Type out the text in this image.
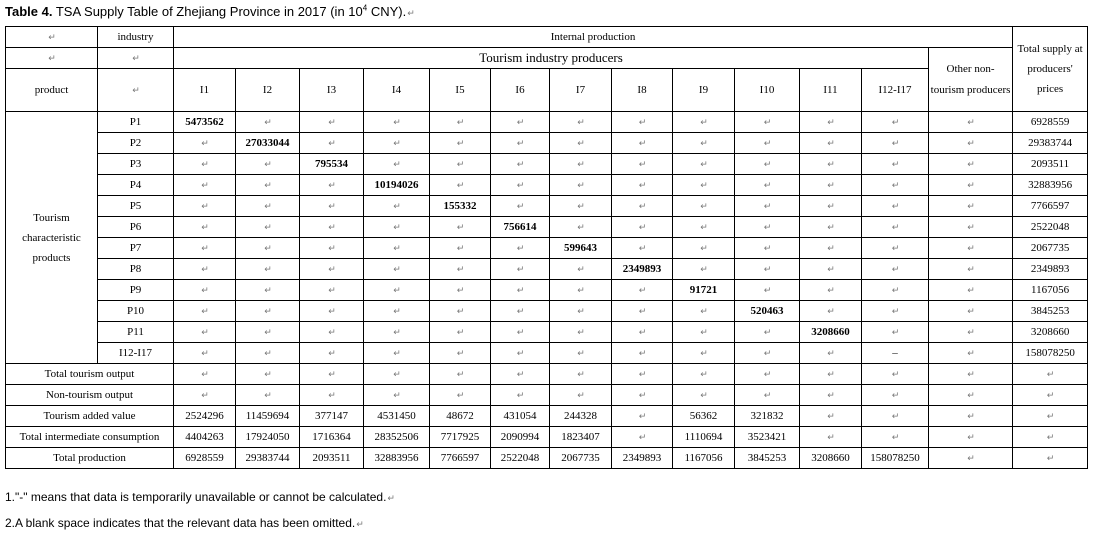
Table 4. TSA Supply Table of Zhejiang Province in 2017 (in $10^4$ CNY).↵
↵	industry	Internal production													Total supply at producers' prices
↵	↵	Tourism industry producers												Other non-tourism producers	
product	↵	I1	I2	I3	I4	I5	I6	I7	I8	I9	I10	I11	I12-I17		
Tourism characteristic products	P1	5473562	↵	↵	↵	↵	↵	↵	↵	↵	↵	↵	↵	↵	6928559
	P2	↵	27033044	↵	↵	↵	↵	↵	↵	↵	↵	↵	↵	↵	29383744
	P3	↵	↵	795534	↵	↵	↵	↵	↵	↵	↵	↵	↵	↵	2093511
	P4	↵	↵	↵	10194026	↵	↵	↵	↵	↵	↵	↵	↵	↵	32883956
	P5	↵	↵	↵	↵	155332	↵	↵	↵	↵	↵	↵	↵	↵	7766597
	P6	↵	↵	↵	↵	↵	756614	↵	↵	↵	↵	↵	↵	↵	2522048
	P7	↵	↵	↵	↵	↵	↵	599643	↵	↵	↵	↵	↵	↵	2067735
	P8	↵	↵	↵	↵	↵	↵	↵	2349893	↵	↵	↵	↵	↵	2349893
	P9	↵	↵	↵	↵	↵	↵	↵	↵	91721	↵	↵	↵	↵	1167056
	P10	↵	↵	↵	↵	↵	↵	↵	↵	↵	520463	↵	↵	↵	3845253
	P11	↵	↵	↵	↵	↵	↵	↵	↵	↵	↵	3208660	↵	↵	3208660
	I12-I17	↵	↵	↵	↵	↵	↵	↵	↵	↵	↵	↵	–	↵	158078250
Total tourism output		↵	↵	↵	↵	↵	↵	↵	↵	↵	↵	↵	↵	↵	↵
Non-tourism output		↵	↵	↵	↵	↵	↵	↵	↵	↵	↵	↵	↵	↵	↵
Tourism added value		2524296	11459694	377147	4531450	48672	431054	244328	↵	56362	321832	↵	↵	↵	↵
Total intermediate consumption		4404263	17924050	1716364	28352506	7717925	2090994	1823407	↵	1110694	3523421	↵	↵	↵	↵
Total production		6928559	29383744	2093511	32883956	7766597	2522048	2067735	2349893	1167056	3845253	3208660	158078250	↵	↵
1."-" means that data is temporarily unavailable or cannot be calculated.↵
2.A blank space indicates that the relevant data has been omitted.↵
